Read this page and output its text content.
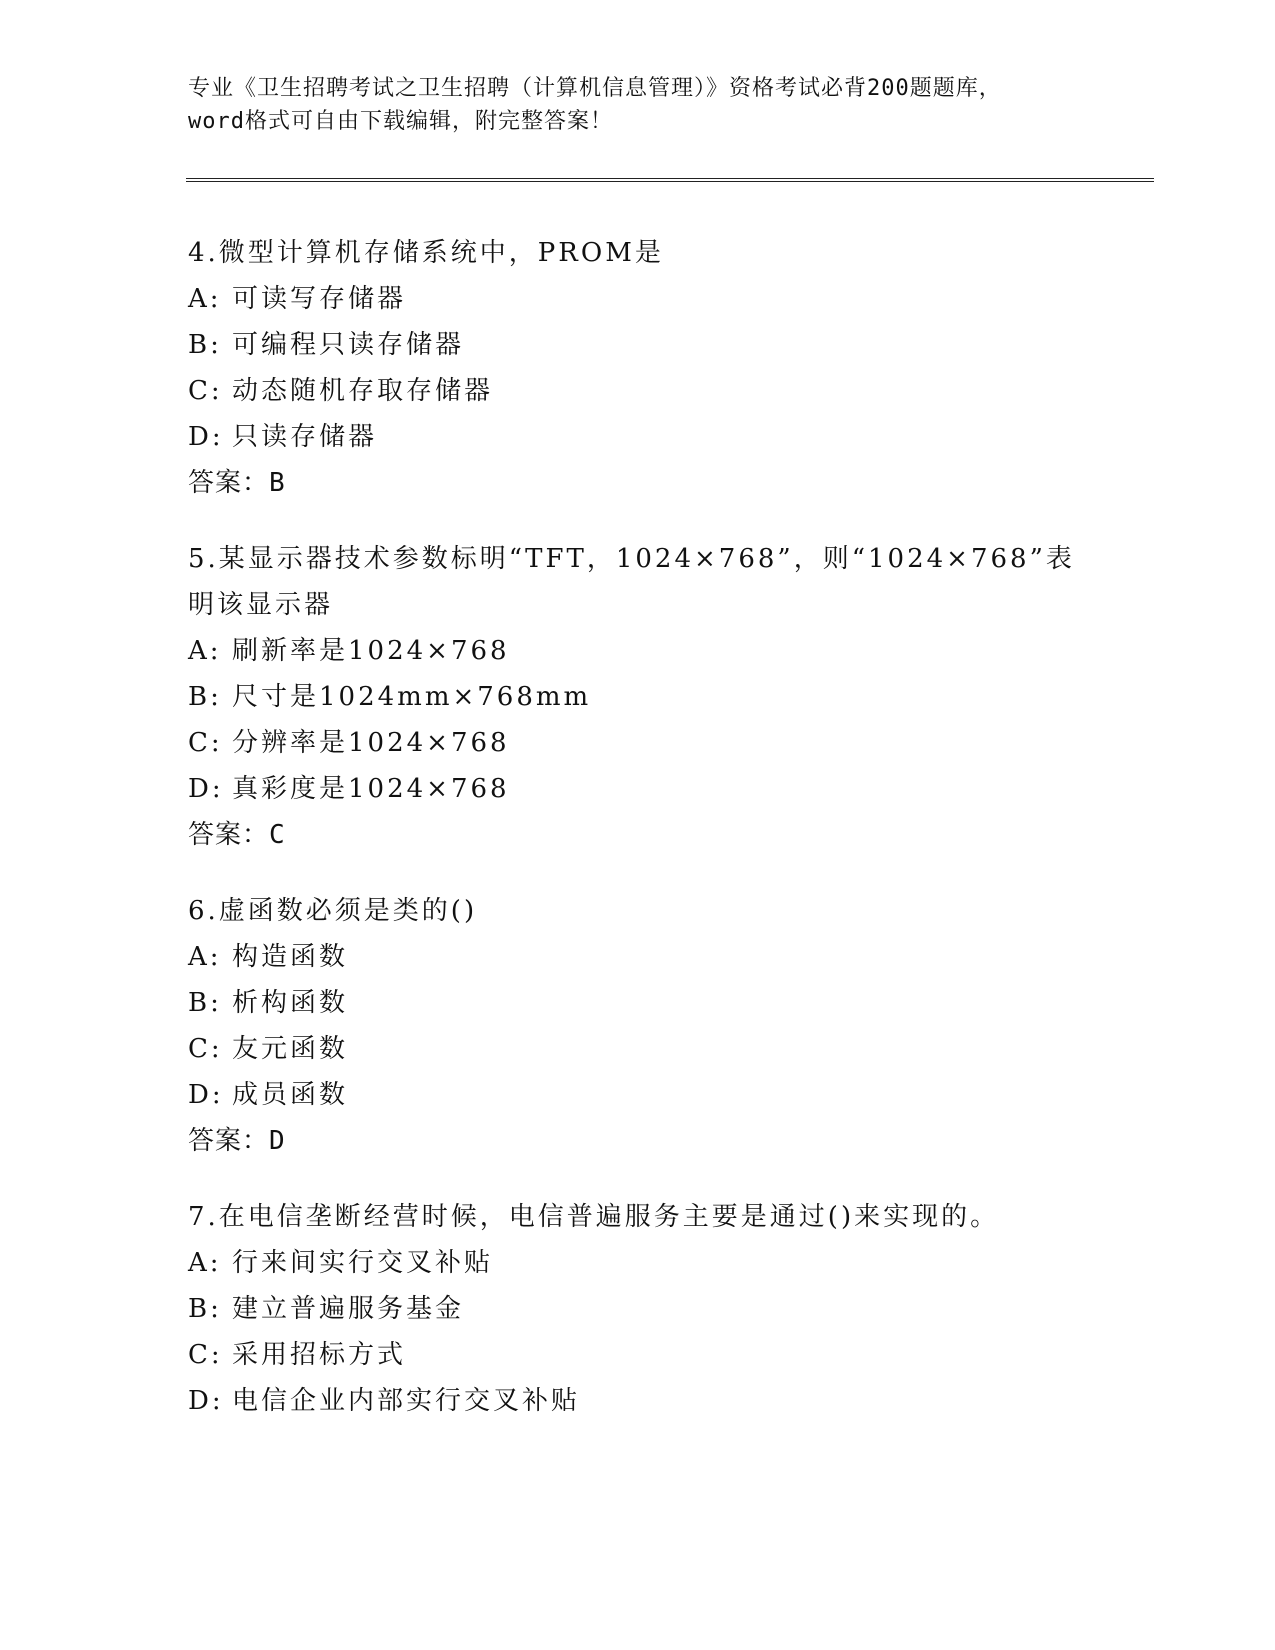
专业《卫生招聘考试之卫生招聘（计算机信息管理）》资格考试必背200题题库，
word格式可自由下载编辑，附完整答案！
4.微型计算机存储系统中，PROM是
A: 可读写存储器
B: 可编程只读存储器
C: 动态随机存取存储器
D: 只读存储器
答案：B
5.某显示器技术参数标明“TFT，1024×768”，则“1024×768”表明该显示器
A: 刷新率是1024×768
B: 尺寸是1024mm×768mm
C: 分辨率是1024×768
D: 真彩度是1024×768
答案：C
6.虚函数必须是类的()
A: 构造函数
B: 析构函数
C: 友元函数
D: 成员函数
答案：D
7.在电信垄断经营时候，电信普遍服务主要是通过()来实现的。
A: 行来间实行交叉补贴
B: 建立普遍服务基金
C: 采用招标方式
D: 电信企业内部实行交叉补贴
